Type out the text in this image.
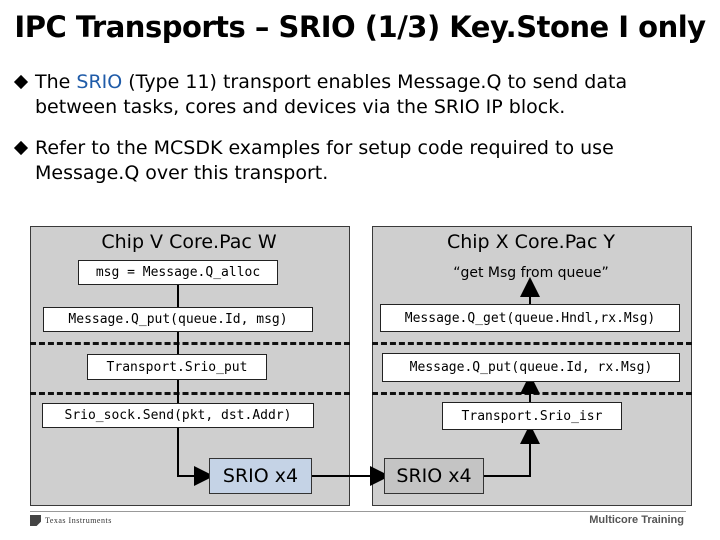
IPC Transports – SRIO (1/3) Key.Stone I only
The SRIO (Type 11) transport enables Message.Q to send data between tasks, cores and devices via the SRIO IP block.
Refer to the MCSDK examples for setup code required to use Message.Q over this transport.
Chip V Core.Pac W
msg = Message.Q_alloc
Message.Q_put(queue.Id, msg)
Transport.Srio_put
Srio_sock.Send(pkt, dst.Addr)
SRIO x4
Chip X Core.Pac Y
“get Msg from queue”
Message.Q_get(queue.Hndl,rx.Msg)
Message.Q_put(queue.Id, rx.Msg)
Transport.Srio_isr
SRIO x4
Texas Instruments	Multicore Training
